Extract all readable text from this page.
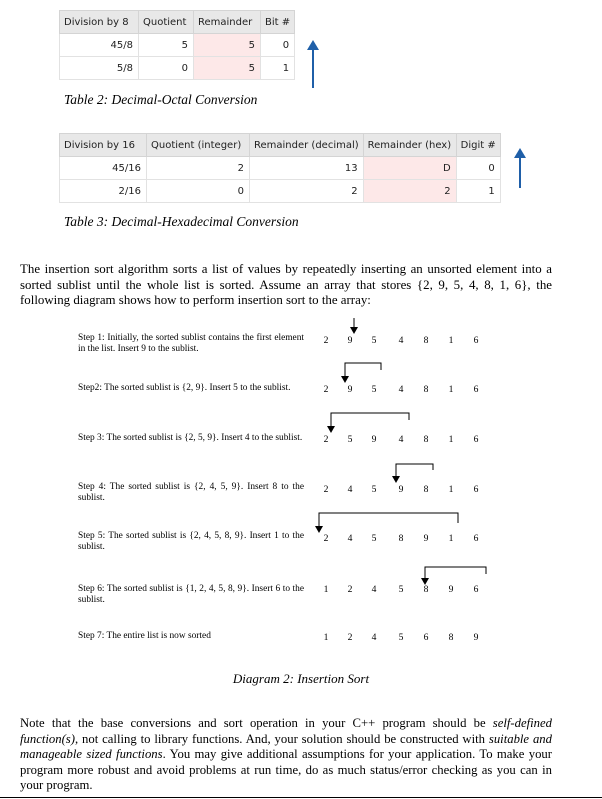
Division by 8	Quotient	Remainder	Bit #
45/8	5	5	0
5/8	0	5	1
Table 2: Decimal-Octal Conversion
Division by 16	Quotient (integer)	Remainder (decimal)	Remainder (hex)	Digit #
45/16	2	13	D	0
2/16	0	2	2	1
Table 3: Decimal-Hexadecimal Conversion
The insertion sort algorithm sorts a list of values by repeatedly inserting an unsorted element into a sorted sublist until the whole list is sorted. Assume an array that stores {2, 9, 5, 4, 8, 1, 6}, the following diagram shows how to perform insertion sort to the array:
Step 1: Initially, the sorted sublist contains the first element in the list. Insert 9 to the sublist.
Step2: The sorted sublist is {2, 9}. Insert 5 to the sublist.
Step 3: The sorted sublist is {2, 5, 9}. Insert 4 to the sublist.
Step 4: The sorted sublist is {2, 4, 5, 9}. Insert 8 to the sublist.
Step 5: The sorted sublist is {2, 4, 5, 8, 9}. Insert 1 to the sublist.
Step 6: The sorted sublist is {1, 2, 4, 5, 8, 9}. Insert 6 to the sublist.
Step 7: The entire list is now sorted
2 9 5 4 8 1 6
2 9 5 4 8 1 6
2 5 9 4 8 1 6
2 4 5 9 8 1 6
2 4 5 8 9 1 6
1 2 4 5 8 9 6
1 2 4 5 6 8 9
Diagram 2: Insertion Sort
Note that the base conversions and sort operation in your C++ program should be self-defined function(s), not calling to library functions. And, your solution should be constructed with suitable and manageable sized functions. You may give additional assumptions for your application. To make your program more robust and avoid problems at run time, do as much status/error checking as you can in your program.
